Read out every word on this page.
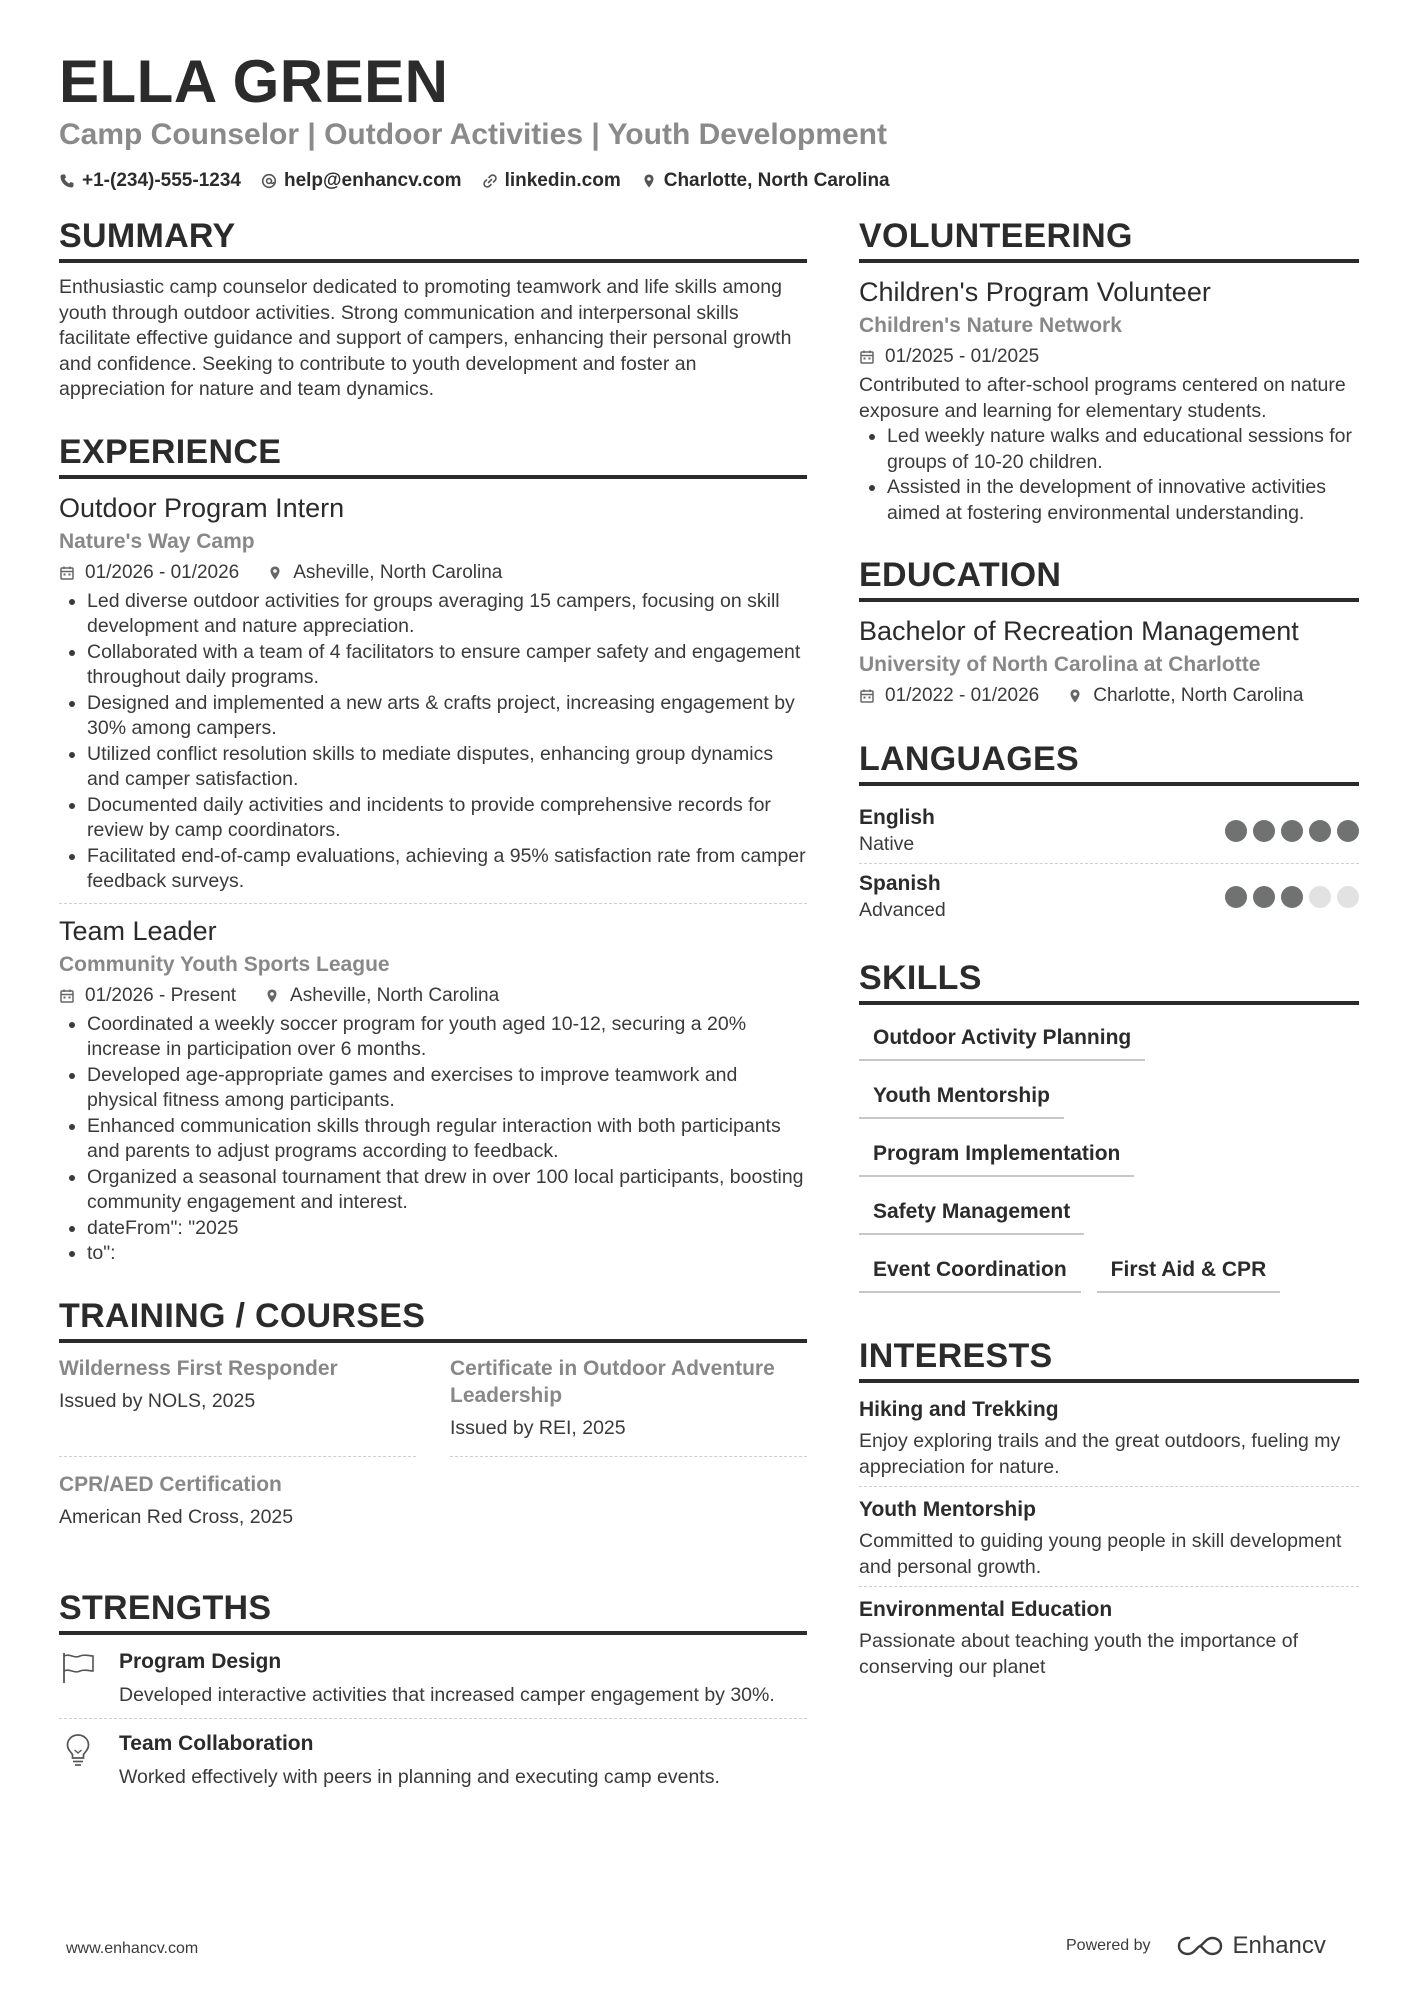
ELLA GREEN
Camp Counselor | Outdoor Activities | Youth Development
+1-(234)-555-1234 help@enhancv.com linkedin.com Charlotte, North Carolina
SUMMARY

Enthusiastic camp counselor dedicated to promoting teamwork and life skills among youth through outdoor activities. Strong communication and interpersonal skills facilitate effective guidance and support of campers, enhancing their personal growth and confidence. Seeking to contribute to youth development and foster an appreciation for nature and team dynamics.

EXPERIENCE
Outdoor Program Intern
Nature's Way Camp
01/2026 - 01/2026	Asheville, North Carolina
• Led diverse outdoor activities for groups averaging 15 campers, focusing on skill development and nature appreciation.
• Collaborated with a team of 4 facilitators to ensure camper safety and engagement throughout daily programs.
• Designed and implemented a new arts & crafts project, increasing engagement by 30% among campers.
• Utilized conflict resolution skills to mediate disputes, enhancing group dynamics and camper satisfaction.
• Documented daily activities and incidents to provide comprehensive records for review by camp coordinators.
• Facilitated end-of-camp evaluations, achieving a 95% satisfaction rate from camper feedback surveys.
Team Leader
Community Youth Sports League
01/2026 - Present	Asheville, North Carolina
• Coordinated a weekly soccer program for youth aged 10-12, securing a 20% increase in participation over 6 months.
• Developed age-appropriate games and exercises to improve teamwork and physical fitness among participants.
• Enhanced communication skills through regular interaction with both participants and parents to adjust programs according to feedback.
• Organized a seasonal tournament that drew in over 100 local participants, boosting community engagement and interest.
• dateFrom": "2025
• to":
TRAINING / COURSES
Wilderness First Responder
Issued by NOLS, 2025
Certificate in Outdoor Adventure Leadership
Issued by REI, 2025
CPR/AED Certification
American Red Cross, 2025
STRENGTHS
Program Design

Developed interactive activities that increased camper engagement by 30%.

Team Collaboration

Worked effectively with peers in planning and executing camp events.

VOLUNTEERING
Children's Program Volunteer
Children's Nature Network
01/2025 - 01/2025

Contributed to after-school programs centered on nature exposure and learning for elementary students.

• Led weekly nature walks and educational sessions for groups of 10-20 children.
• Assisted in the development of innovative activities aimed at fostering environmental understanding.
EDUCATION
Bachelor of Recreation Management
University of North Carolina at Charlotte
01/2022 - 01/2026	Charlotte, North Carolina
LANGUAGES
English
Native
Spanish
Advanced
SKILLS
Outdoor Activity Planning
Youth Mentorship
Program Implementation
Safety Management
Event Coordination	First Aid & CPR
INTERESTS
Hiking and Trekking

Enjoy exploring trails and the great outdoors, fueling my appreciation for nature.

Youth Mentorship

Committed to guiding young people in skill development and personal growth.

Environmental Education

Passionate about teaching youth the importance of conserving our planet

www.enhancv.com	Powered by	Enhancv
